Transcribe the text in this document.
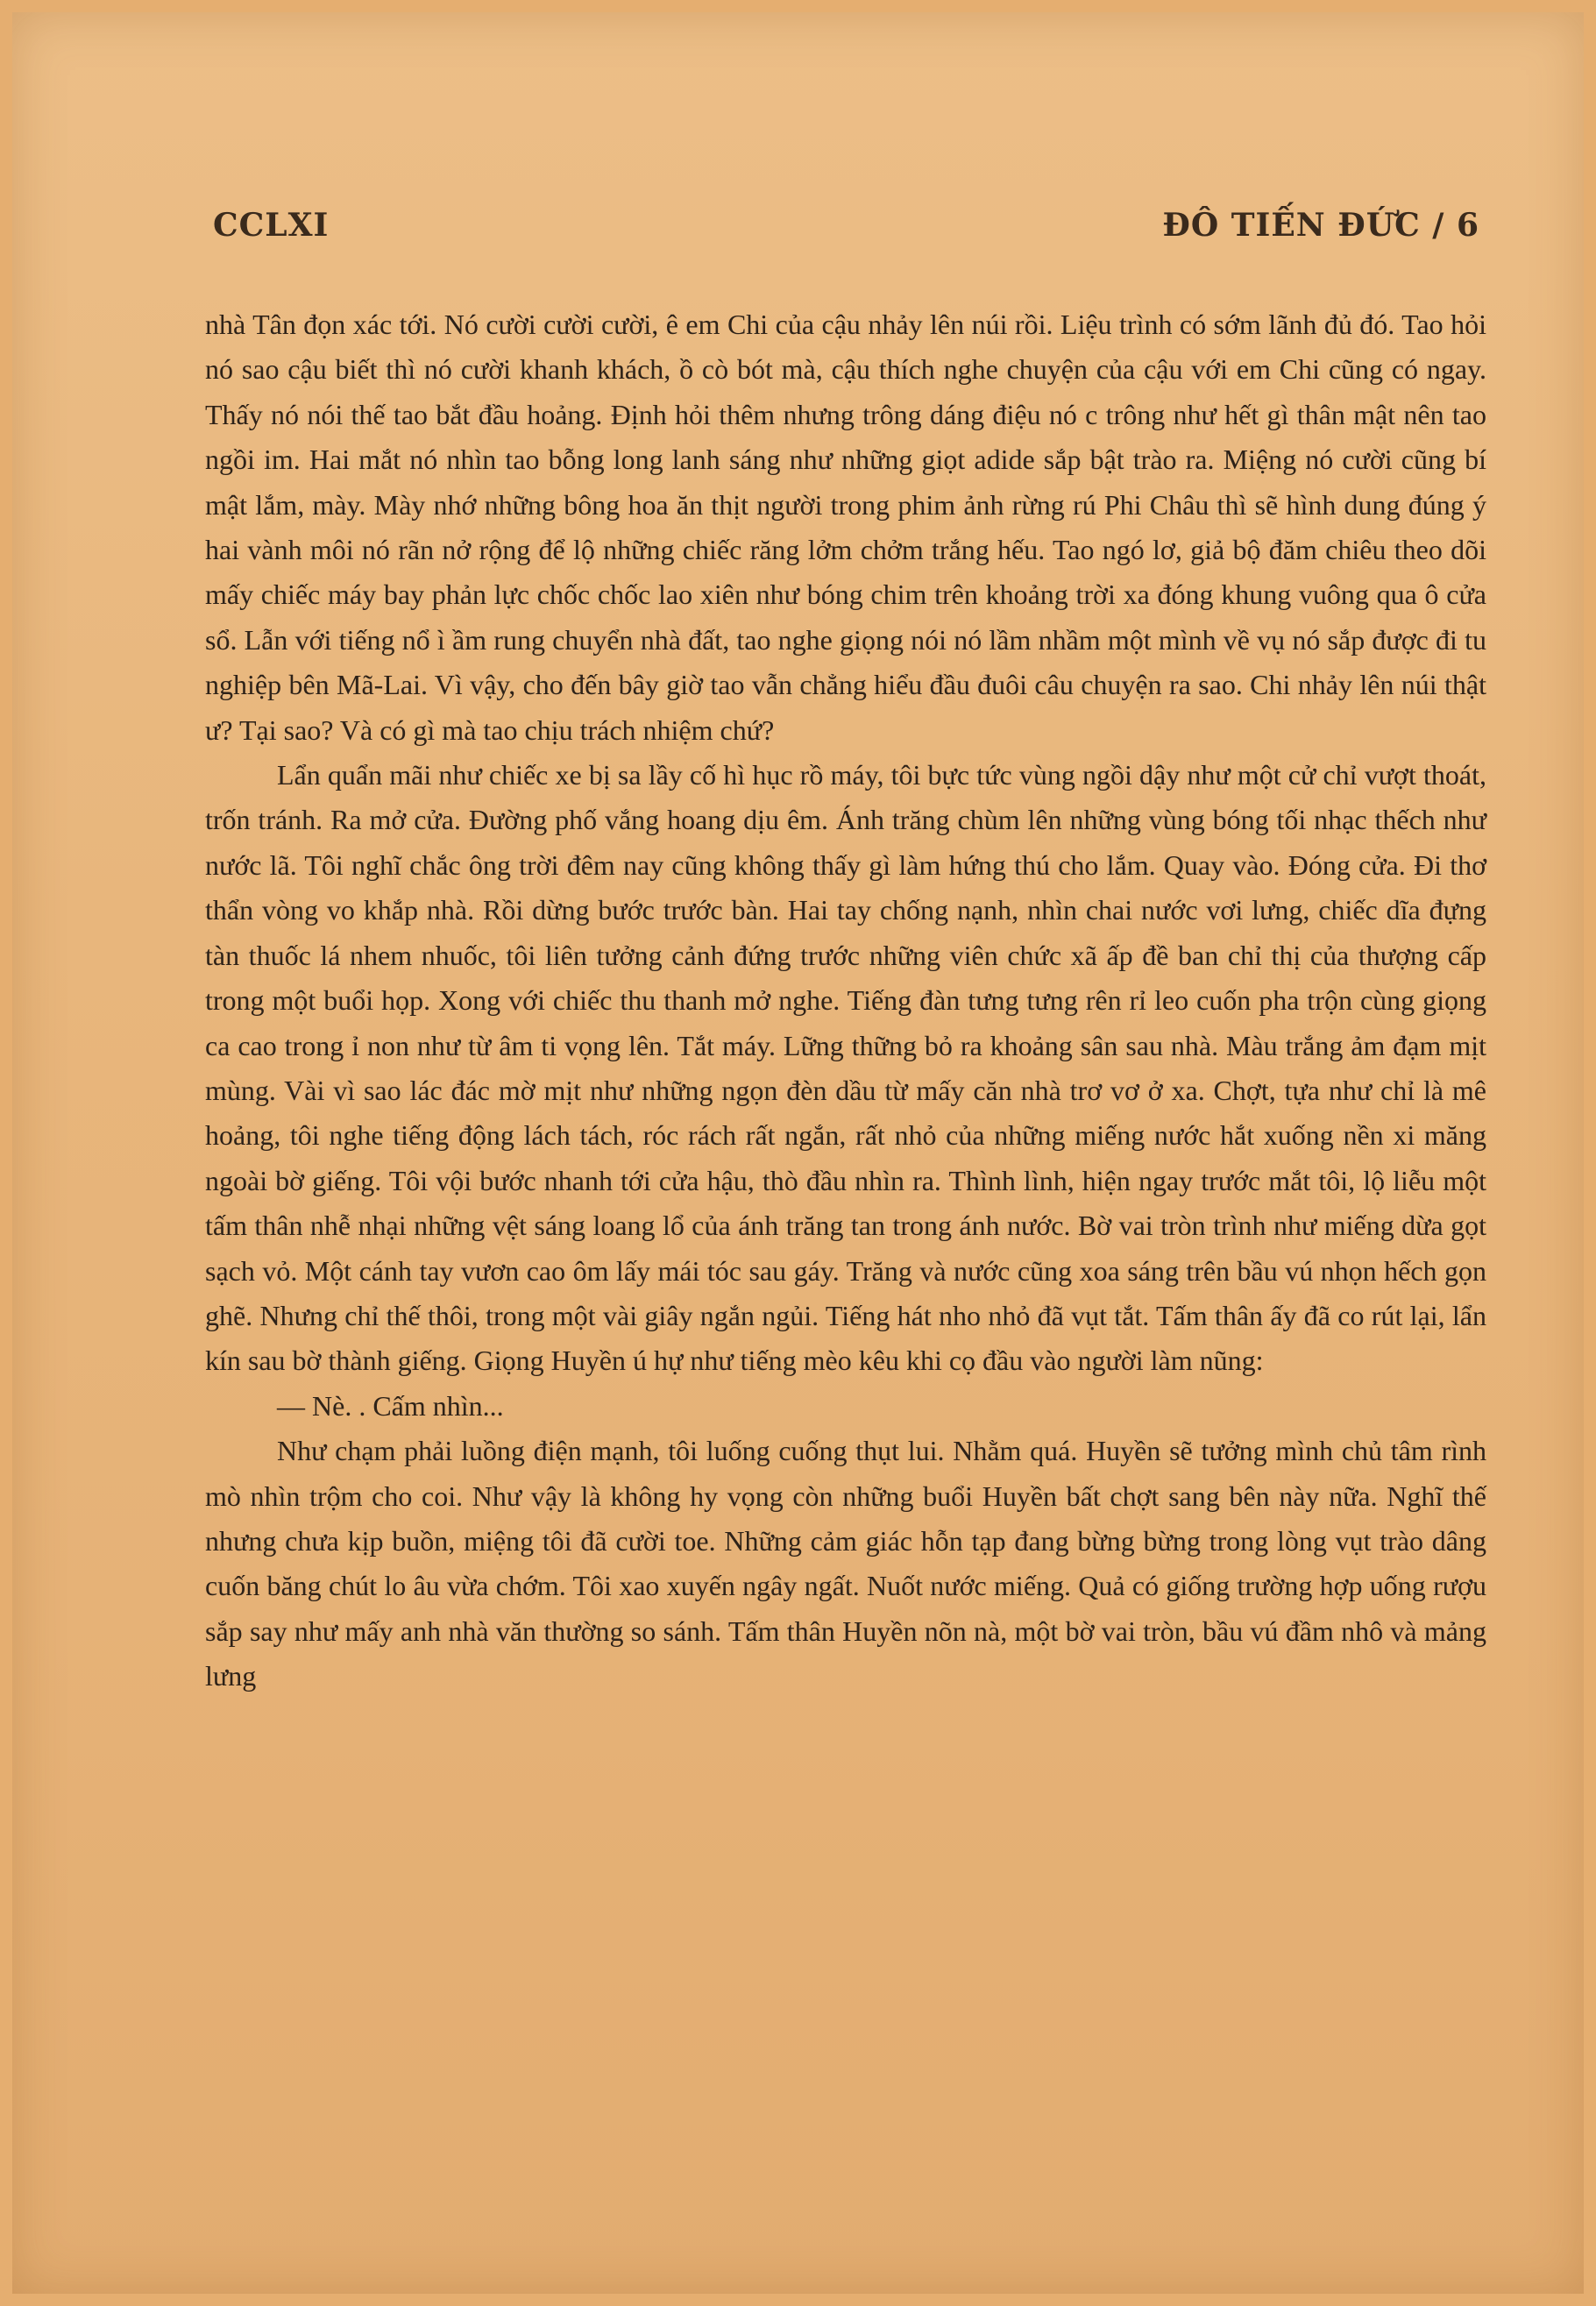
CCLXI	ĐÔ TIẾN ĐỨC / 6

nhà Tân đọn xác tới. Nó cười cười cười, ê em Chi của cậu nhảy lên núi rồi. Liệu trình có sớm lãnh đủ đó. Tao hỏi nó sao cậu biết thì nó cười khanh khách, ồ cò bót mà, cậu thích nghe chuyện của cậu với em Chi cũng có ngay. Thấy nó nói thế tao bắt đầu hoảng. Định hỏi thêm nhưng trông dáng điệu nó c trông như hết gì thân mật nên tao ngồi im. Hai mắt nó nhìn tao bỗng long lanh sáng như những giọt adide sắp bật trào ra. Miệng nó cười cũng bí mật lắm, mày. Mày nhớ những bông hoa ăn thịt người trong phim ảnh rừng rú Phi Châu thì sẽ hình dung đúng ý hai vành môi nó rãn nở rộng để lộ những chiếc răng lởm chởm trắng hếu. Tao ngó lơ, giả bộ đăm chiêu theo dõi mấy chiếc máy bay phản lực chốc chốc lao xiên như bóng chim trên khoảng trời xa đóng khung vuông qua ô cửa sổ. Lẫn với tiếng nổ ì ầm rung chuyển nhà đất, tao nghe giọng nói nó lầm nhầm một mình về vụ nó sắp được đi tu nghiệp bên Mã-Lai. Vì vậy, cho đến bây giờ tao vẫn chẳng hiểu đầu đuôi câu chuyện ra sao. Chi nhảy lên núi thật ư? Tại sao? Và có gì mà tao chịu trách nhiệm chứ?

Lẩn quẩn mãi như chiếc xe bị sa lầy cố hì hục rồ máy, tôi bực tức vùng ngồi dậy như một cử chỉ vượt thoát, trốn tránh. Ra mở cửa. Đường phố vắng hoang dịu êm. Ánh trăng chùm lên những vùng bóng tối nhạc thếch như nước lã. Tôi nghĩ chắc ông trời đêm nay cũng không thấy gì làm hứng thú cho lắm. Quay vào. Đóng cửa. Đi thơ thẩn vòng vo khắp nhà. Rồi dừng bước trước bàn. Hai tay chống nạnh, nhìn chai nước vơi lưng, chiếc dĩa đựng tàn thuốc lá nhem nhuốc, tôi liên tưởng cảnh đứng trước những viên chức xã ấp đề ban chỉ thị của thượng cấp trong một buổi họp. Xong với chiếc thu thanh mở nghe. Tiếng đàn tưng tưng rên rỉ leo cuốn pha trộn cùng giọng ca cao trong ỉ non như từ âm ti vọng lên. Tắt máy. Lững thững bỏ ra khoảng sân sau nhà. Màu trắng ảm đạm mịt mùng. Vài vì sao lác đác mờ mịt như những ngọn đèn dầu từ mấy căn nhà trơ vơ ở xa. Chợt, tựa như chỉ là mê hoảng, tôi nghe tiếng động lách tách, róc rách rất ngắn, rất nhỏ của những miếng nước hắt xuống nền xi măng ngoài bờ giếng. Tôi vội bước nhanh tới cửa hậu, thò đầu nhìn ra. Thình lình, hiện ngay trước mắt tôi, lộ liễu một tấm thân nhễ nhại những vệt sáng loang lổ của ánh trăng tan trong ánh nước. Bờ vai tròn trình như miếng dừa gọt sạch vỏ. Một cánh tay vươn cao ôm lấy mái tóc sau gáy. Trăng và nước cũng xoa sáng trên bầu vú nhọn hếch gọn ghẽ. Nhưng chỉ thế thôi, trong một vài giây ngắn ngủi. Tiếng hát nho nhỏ đã vụt tắt. Tấm thân ấy đã co rút lại, lẩn kín sau bờ thành giếng. Giọng Huyền ú hự như tiếng mèo kêu khi cọ đầu vào người làm nũng:

— Nè. . Cấm nhìn...

Như chạm phải luồng điện mạnh, tôi luống cuống thụt lui. Nhằm quá. Huyền sẽ tưởng mình chủ tâm rình mò nhìn trộm cho coi. Như vậy là không hy vọng còn những buổi Huyền bất chợt sang bên này nữa. Nghĩ thế nhưng chưa kịp buồn, miệng tôi đã cười toe. Những cảm giác hỗn tạp đang bừng bừng trong lòng vụt trào dâng cuốn băng chút lo âu vừa chớm. Tôi xao xuyến ngây ngất. Nuốt nước miếng. Quả có giống trường hợp uống rượu sắp say như mấy anh nhà văn thường so sánh. Tấm thân Huyền nõn nà, một bờ vai tròn, bầu vú đầm nhô và mảng lưng
